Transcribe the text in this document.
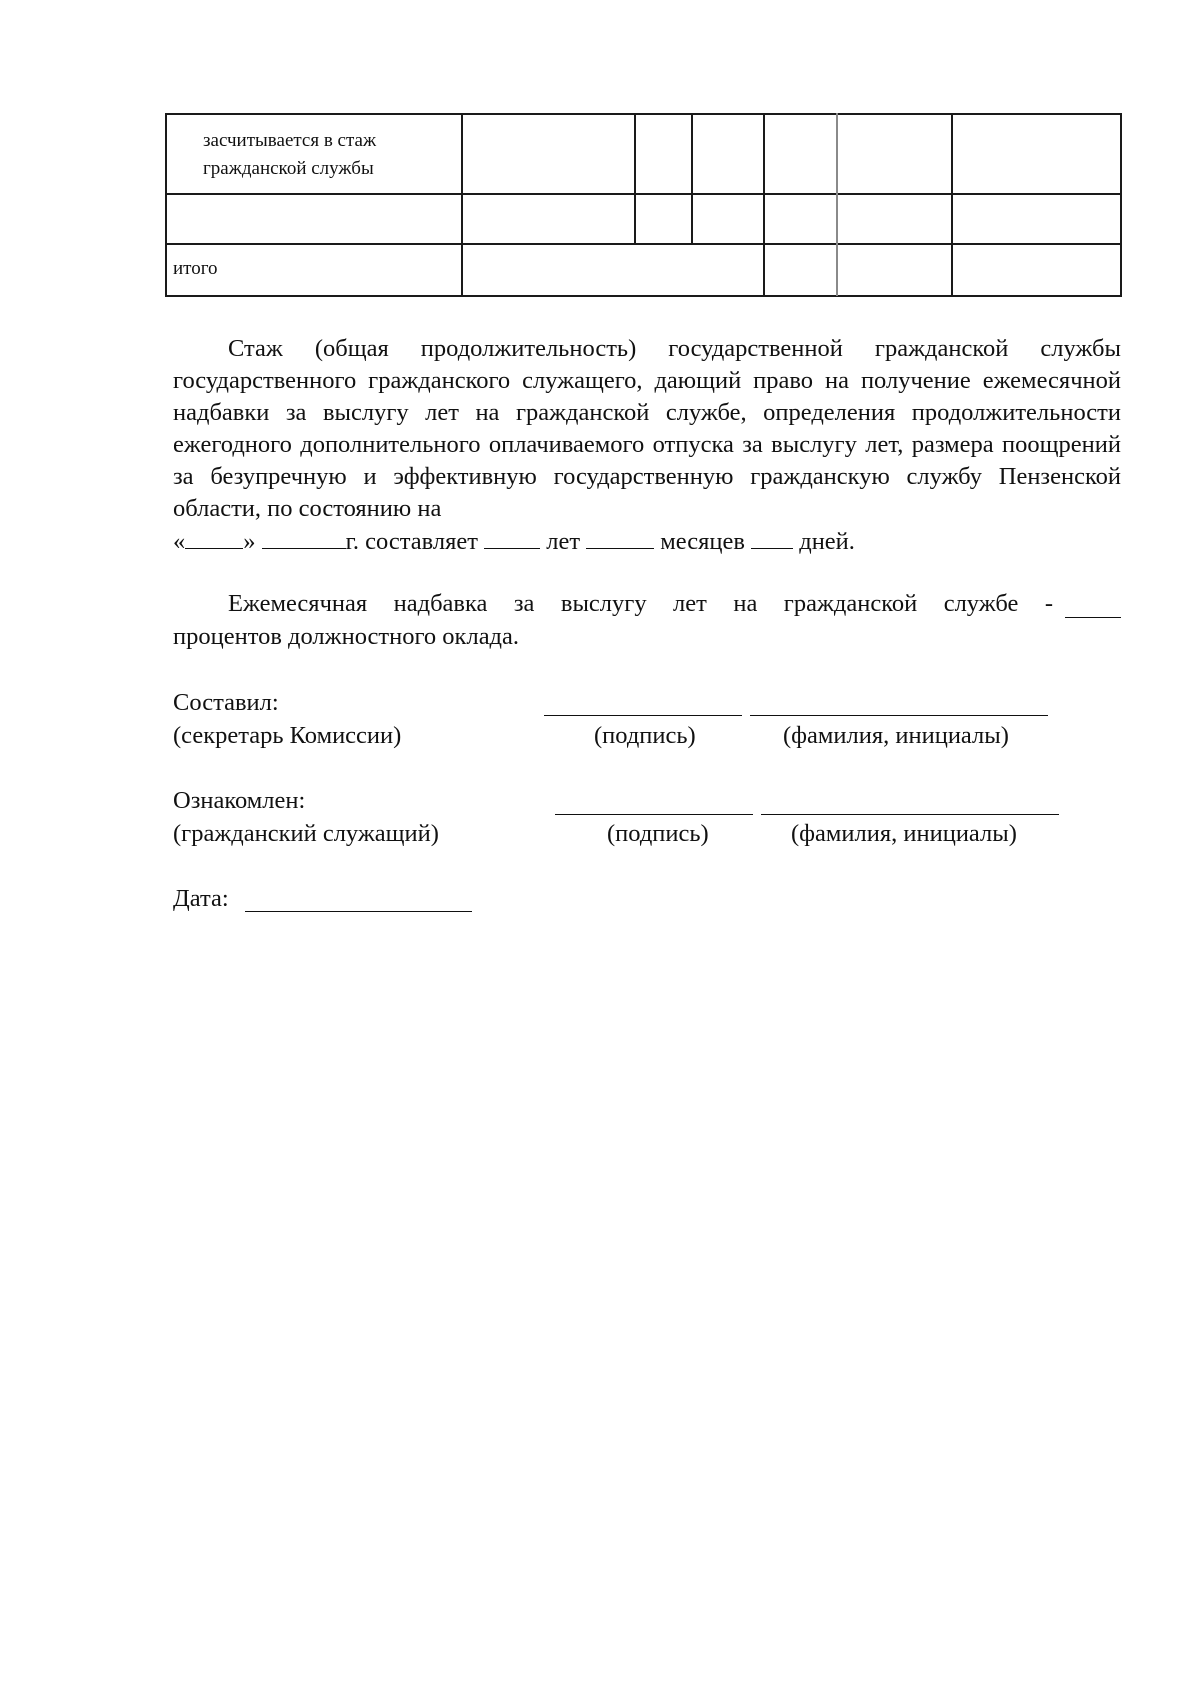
засчитывается в стаж гражданской службы
итого
Стаж (общая продолжительность) государственной гражданской службы государственного гражданского служащего, дающий право на получение ежемесячной надбавки за выслугу лет на гражданской службе, определения продолжительности ежегодного дополнительного оплачиваемого отпуска за выслугу лет, размера поощрений за безупречную и эффективную государственную гражданскую службу Пензенской области, по состоянию на
« »	г. составляет	лет	месяцев дней.
Ежемесячная надбавка за выслугу лет на гражданской службе -
процентов должностного оклада.
Составил:
(секретарь Комиссии)	(подпись)	(фамилия, инициалы)
Ознакомлен:
(гражданский служащий)	(подпись)	(фамилия, инициалы)
Дата:
